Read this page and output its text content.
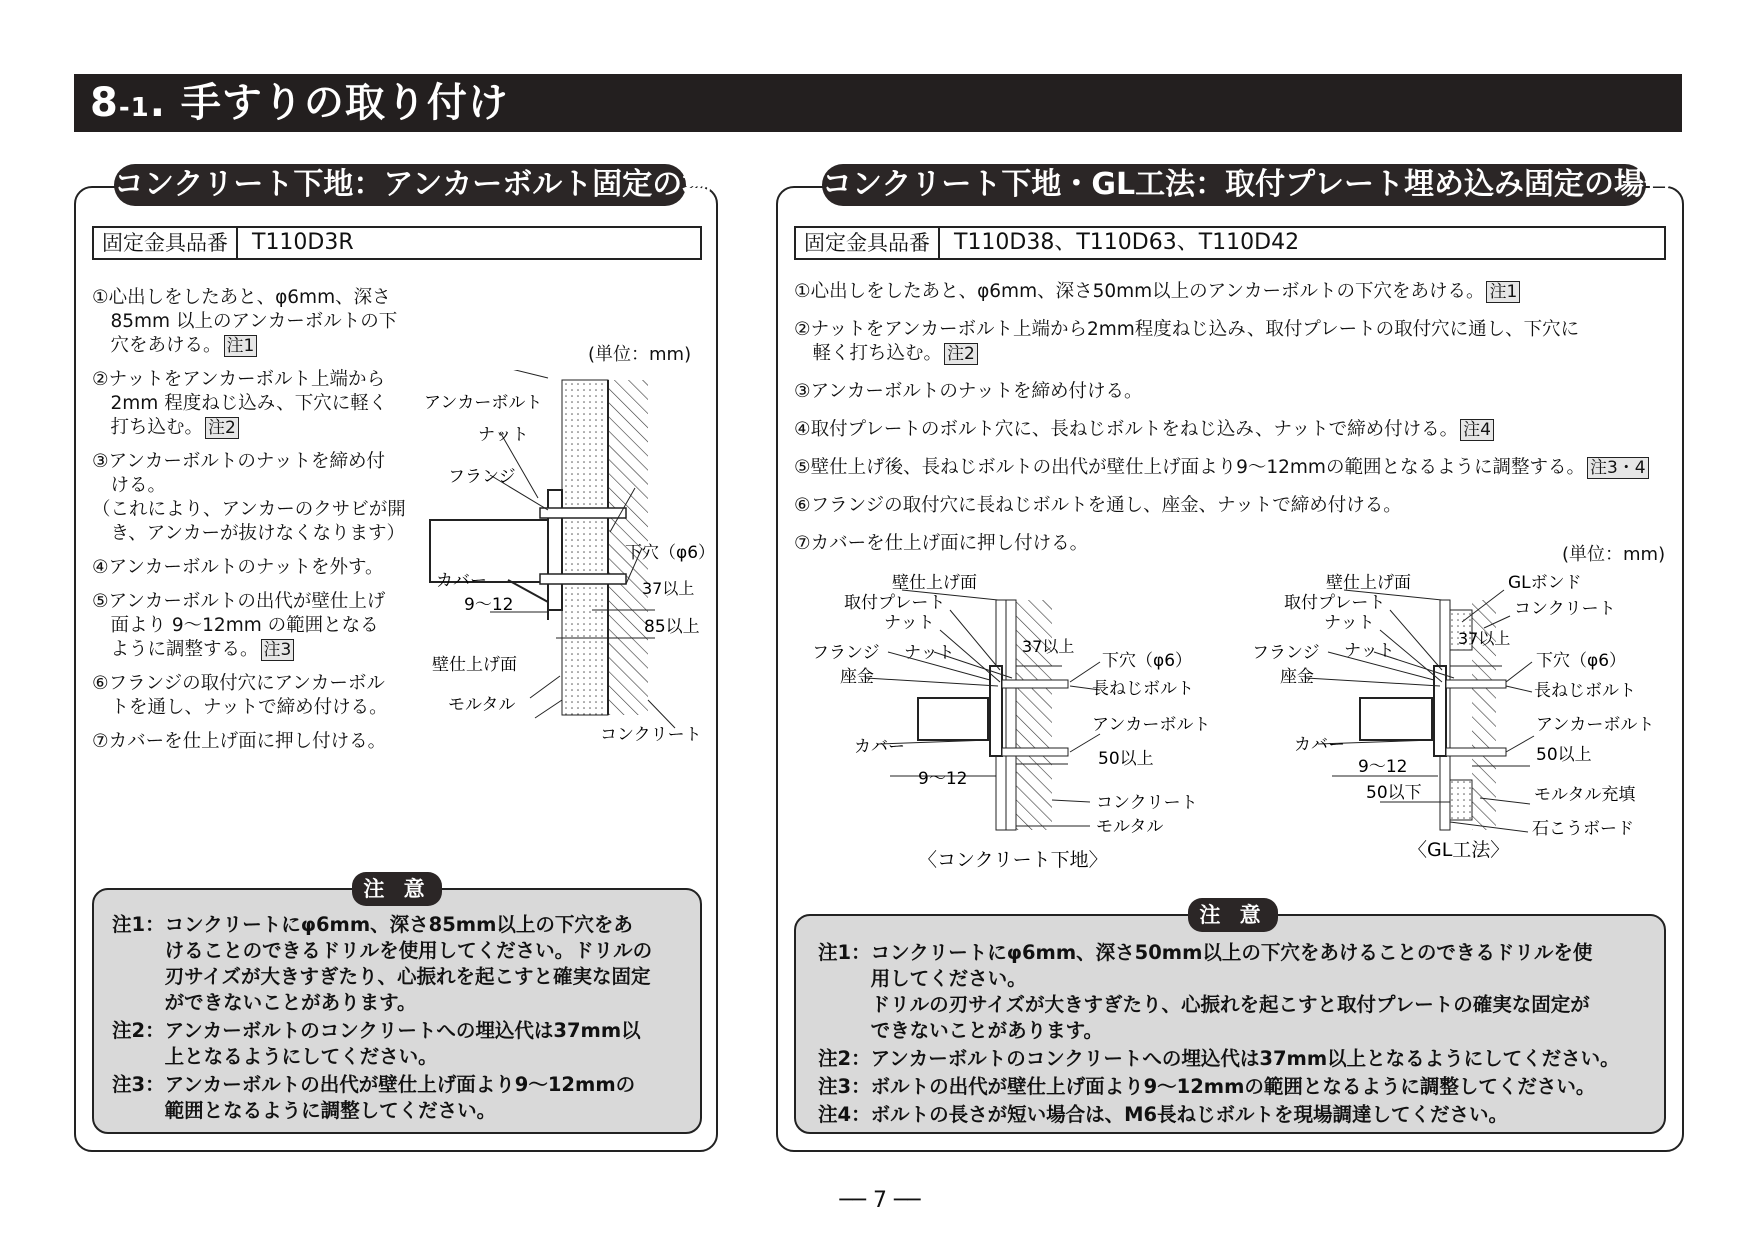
8-1. 手すりの取り付け
コンクリート下地：アンカーボルト固定の場合
固定金具品番	T110D3R
①心出しをしたあと、φ6mm、深さ
　85mm 以上のアンカーボルトの下
　穴をあける。 注1
②ナットをアンカーボルト上端から
　2mm 程度ねじ込み、下穴に軽く
　打ち込む。 注2
③アンカーボルトのナットを締め付
　ける。
（これにより、アンカーのクサビが開
　き、アンカーが抜けなくなります）
④アンカーボルトのナットを外す。
⑤アンカーボルトの出代が壁仕上げ
　面より 9～12mm の範囲となる
　ように調整する。 注3
⑥フランジの取付穴にアンカーボル
　トを通し、ナットで締め付ける。
⑦カバーを仕上げ面に押し付ける。
(単位：mm)
アンカーボルト
ナット
フランジ
下穴（φ6）
カバー	37以上
9～12
85以上
壁仕上げ面
モルタル
コンクリート
注 意
注1： コンクリートにφ6mm、深さ85mm以上の下穴をあ
けることのできるドリルを使用してください。ドリルの
刃サイズが大きすぎたり、心振れを起こすと確実な固定
ができないことがあります。
注2： アンカーボルトのコンクリートへの埋込代は37mm以
上となるようにしてください。
注3： アンカーボルトの出代が壁仕上げ面より9～12mmの
範囲となるように調整してください。
コンクリート下地・GL工法：取付プレート埋め込み固定の場合
固定金具品番	T110D38、T110D63、T110D42
①心出しをしたあと、φ6mm、深さ50mm以上のアンカーボルトの下穴をあける。 注1
②ナットをアンカーボルト上端から2mm程度ねじ込み、取付プレートの取付穴に通し、下穴に
　軽く打ち込む。 注2
③アンカーボルトのナットを締め付ける。
④取付プレートのボルト穴に、長ねじボルトをねじ込み、ナットで締め付ける。 注4
⑤壁仕上げ後、長ねじボルトの出代が壁仕上げ面より9～12mmの範囲となるように調整する。 注3・4
⑥フランジの取付穴に長ねじボルトを通し、座金、ナットで締め付ける。
⑦カバーを仕上げ面に押し付ける。
(単位：mm)
壁仕上げ面
取付プレート
ナット
フランジ ナット
座金
37以上
下穴（φ6）
長ねじボルト
アンカーボルト
カバー
50以上
9～12
コンクリート
モルタル
〈コンクリート下地〉
壁仕上げ面	GLボンド
取付プレート	コンクリート
ナット
37以上
フランジ ナット	下穴（φ6）
座金
長ねじボルト
アンカーボルト
カバー
9～12
50以上
50以下	モルタル充填
石こうボード
〈GL工法〉
注 意
注1： コンクリートにφ6mm、深さ50mm以上の下穴をあけることのできるドリルを使
用してください。
ドリルの刃サイズが大きすぎたり、心振れを起こすと取付プレートの確実な固定が
できないことがあります。
注2： アンカーボルトのコンクリートへの埋込代は37mm以上となるようにしてください。
注3： ボルトの出代が壁仕上げ面より9～12mmの範囲となるように調整してください。
注4： ボルトの長さが短い場合は、M6長ねじボルトを現場調達してください。
── 7 ──
